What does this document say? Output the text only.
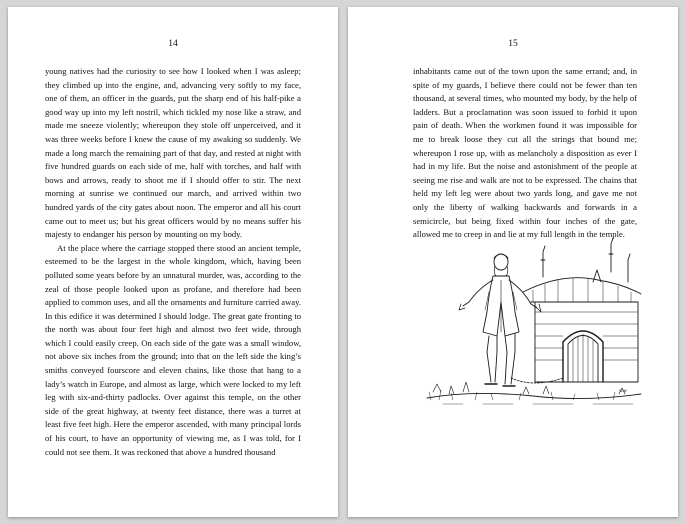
14

young natives had the curiosity to see how I looked when I was asleep; they climbed up into the engine, and, advancing very softly to my face, one of them, an officer in the guards, put the sharp end of his half-pike a good way up into my left nostril, which tickled my nose like a straw, and made me sneeze violently; whereupon they stole off unperceived, and it was three weeks before I knew the cause of my awaking so suddenly. We made a long march the remaining part of that day, and rested at night with five hundred guards on each side of me, half with torches, and half with bows and arrows, ready to shoot me if I should offer to stir. The next morning at sunrise we continued our march, and arrived within two hundred yards of the city gates about noon. The emperor and all his court came out to meet us; but his great officers would by no means suffer his majesty to endanger his person by mounting on my body.

At the place where the carriage stopped there stood an ancient temple, esteemed to be the largest in the whole kingdom, which, having been polluted some years before by an unnatural murder, was, according to the zeal of those people looked upon as profane, and therefore had been applied to common uses, and all the ornaments and furniture carried away. In this edifice it was determined I should lodge. The great gate fronting to the north was about four feet high and almost two feet wide, through which I could easily creep. On each side of the gate was a small window, not above six inches from the ground; into that on the left side the king’s smiths conveyed fourscore and eleven chains, like those that hang to a lady’s watch in Europe, and almost as large, which were locked to my left leg with six-and-thirty padlocks. Over against this temple, on the other side of the great highway, at twenty feet distance, there was a turret at least five feet high. Here the emperor ascended, with many principal lords of his court, to have an opportunity of viewing me, as I was told, for I could not see them. It was reckoned that above a hundred thousand

15

inhabitants came out of the town upon the same errand; and, in spite of my guards, I believe there could not be fewer than ten thousand, at several times, who mounted my body, by the help of ladders. But a proclamation was soon issued to forbid it upon pain of death. When the workmen found it was impossible for me to break loose they cut all the strings that bound me; whereupon I rose up, with as melancholy a disposition as ever I had in my life. But the noise and astonishment of the people at seeing me rise and walk are not to be expressed. The chains that held my left leg were about two yards long, and gave me not only the liberty of walking backwards and forwards in a semicircle, but being fixed within four inches of the gate, allowed me to creep in and lie at my full length in the temple.

w.w
